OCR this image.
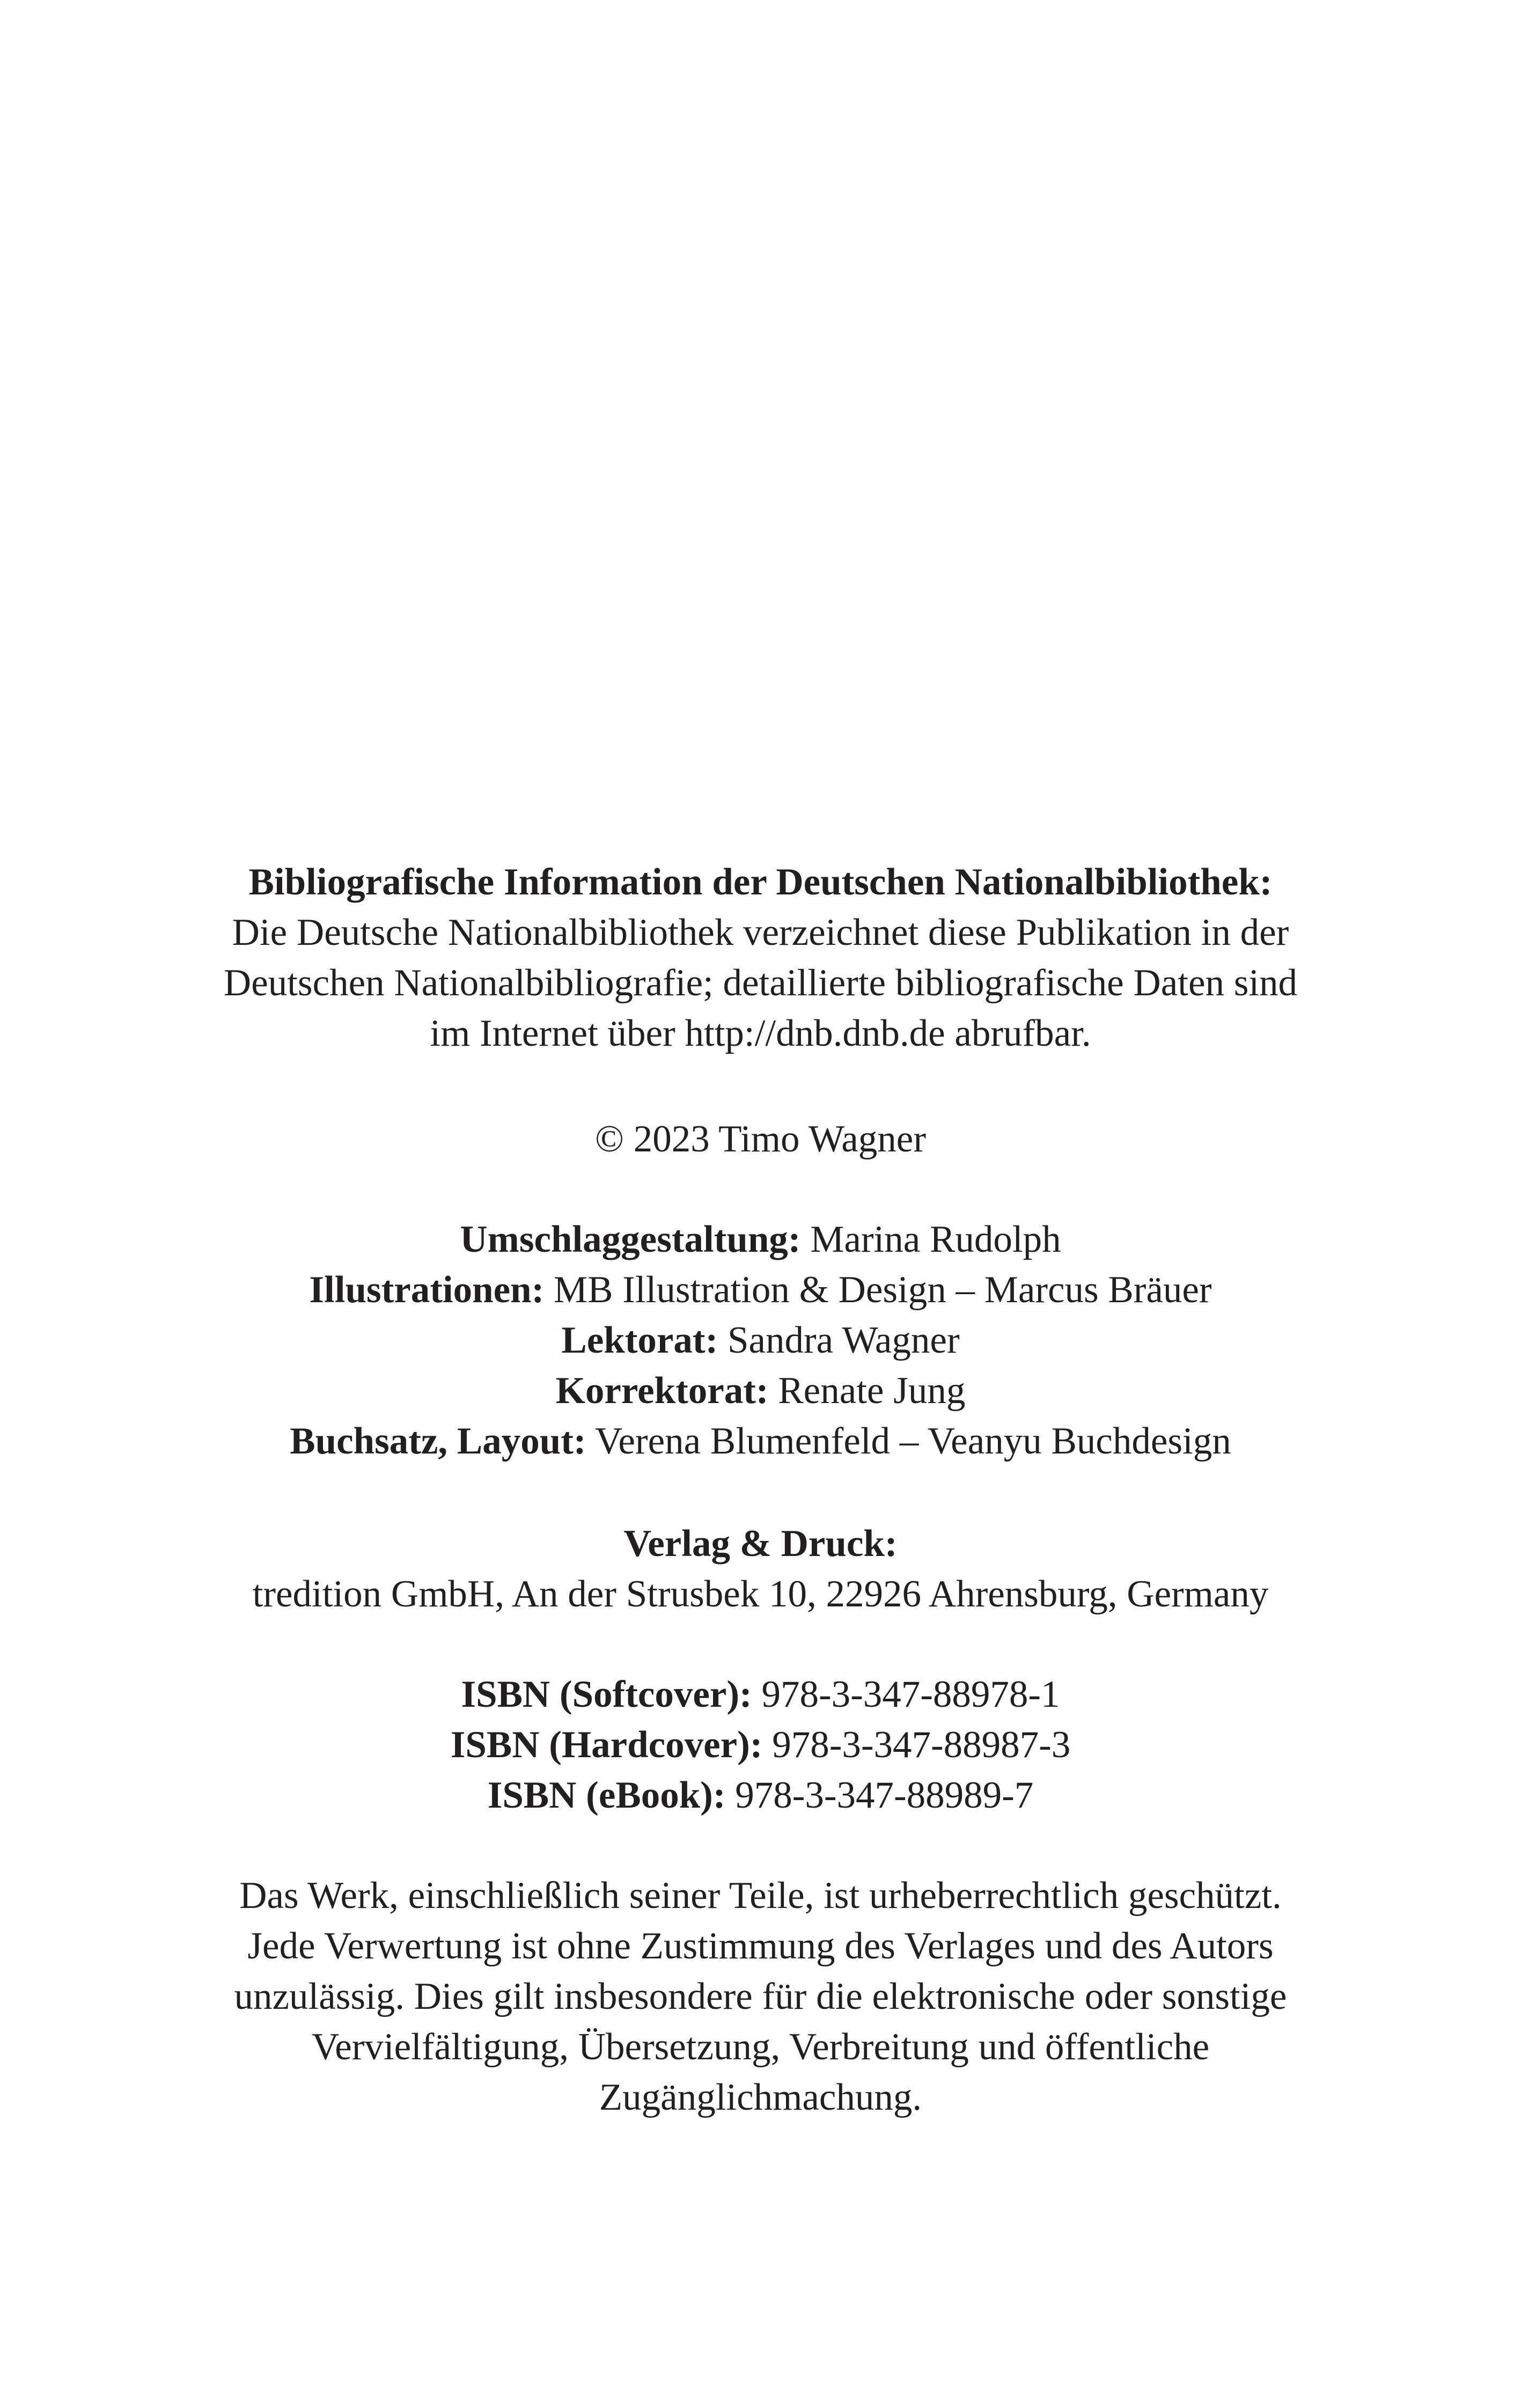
Bibliografische Information der Deutschen Nationalbibliothek:
Die Deutsche Nationalbibliothek verzeichnet diese Publikation in der
Deutschen Nationalbibliografie; detaillierte bibliografische Daten sind
im Internet über http://dnb.dnb.de abrufbar.
© 2023 Timo Wagner
Umschlaggestaltung: Marina Rudolph
Illustrationen: MB Illustration & Design – Marcus Bräuer
Lektorat: Sandra Wagner
Korrektorat: Renate Jung
Buchsatz, Layout: Verena Blumenfeld – Veanyu Buchdesign
Verlag & Druck:
tredition GmbH, An der Strusbek 10, 22926 Ahrensburg, Germany
ISBN (Softcover): 978-3-347-88978-1
ISBN (Hardcover): 978-3-347-88987-3
ISBN (eBook): 978-3-347-88989-7
Das Werk, einschließlich seiner Teile, ist urheberrechtlich geschützt.
Jede Verwertung ist ohne Zustimmung des Verlages und des Autors
unzulässig. Dies gilt insbesondere für die elektronische oder sonstige
Vervielfältigung, Übersetzung, Verbreitung und öffentliche
Zugänglichmachung.
